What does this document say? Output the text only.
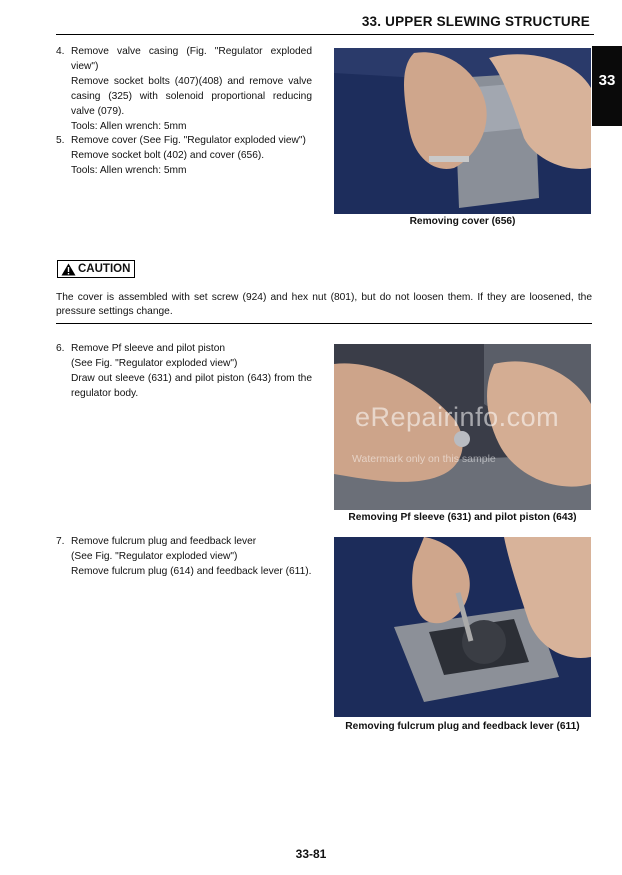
33. UPPER SLEWING STRUCTURE
33
4. Remove valve casing (Fig. "Regulator exploded view")
Remove socket bolts (407)(408) and remove valve casing (325) with solenoid proportional reducing valve (079).
Tools: Allen wrench: 5mm
5. Remove cover (See Fig. "Regulator exploded view")
Remove socket bolt (402) and cover (656).
Tools: Allen wrench: 5mm
Removing cover (656)
CAUTION
The cover is assembled with set screw (924) and hex nut (801), but do not loosen them. If they are loosened, the pressure settings change.
6. Remove Pf sleeve and pilot piston
(See Fig. "Regulator exploded view")
Draw out sleeve (631) and pilot piston (643) from the regulator body.
Removing Pf sleeve (631) and pilot piston (643)
eRepairinfo.com
Watermark only on this sample
7. Remove fulcrum plug and feedback lever
(See Fig. "Regulator exploded view")
Remove fulcrum plug (614) and feedback lever (611).
Removing fulcrum plug and feedback lever (611)
33-81
